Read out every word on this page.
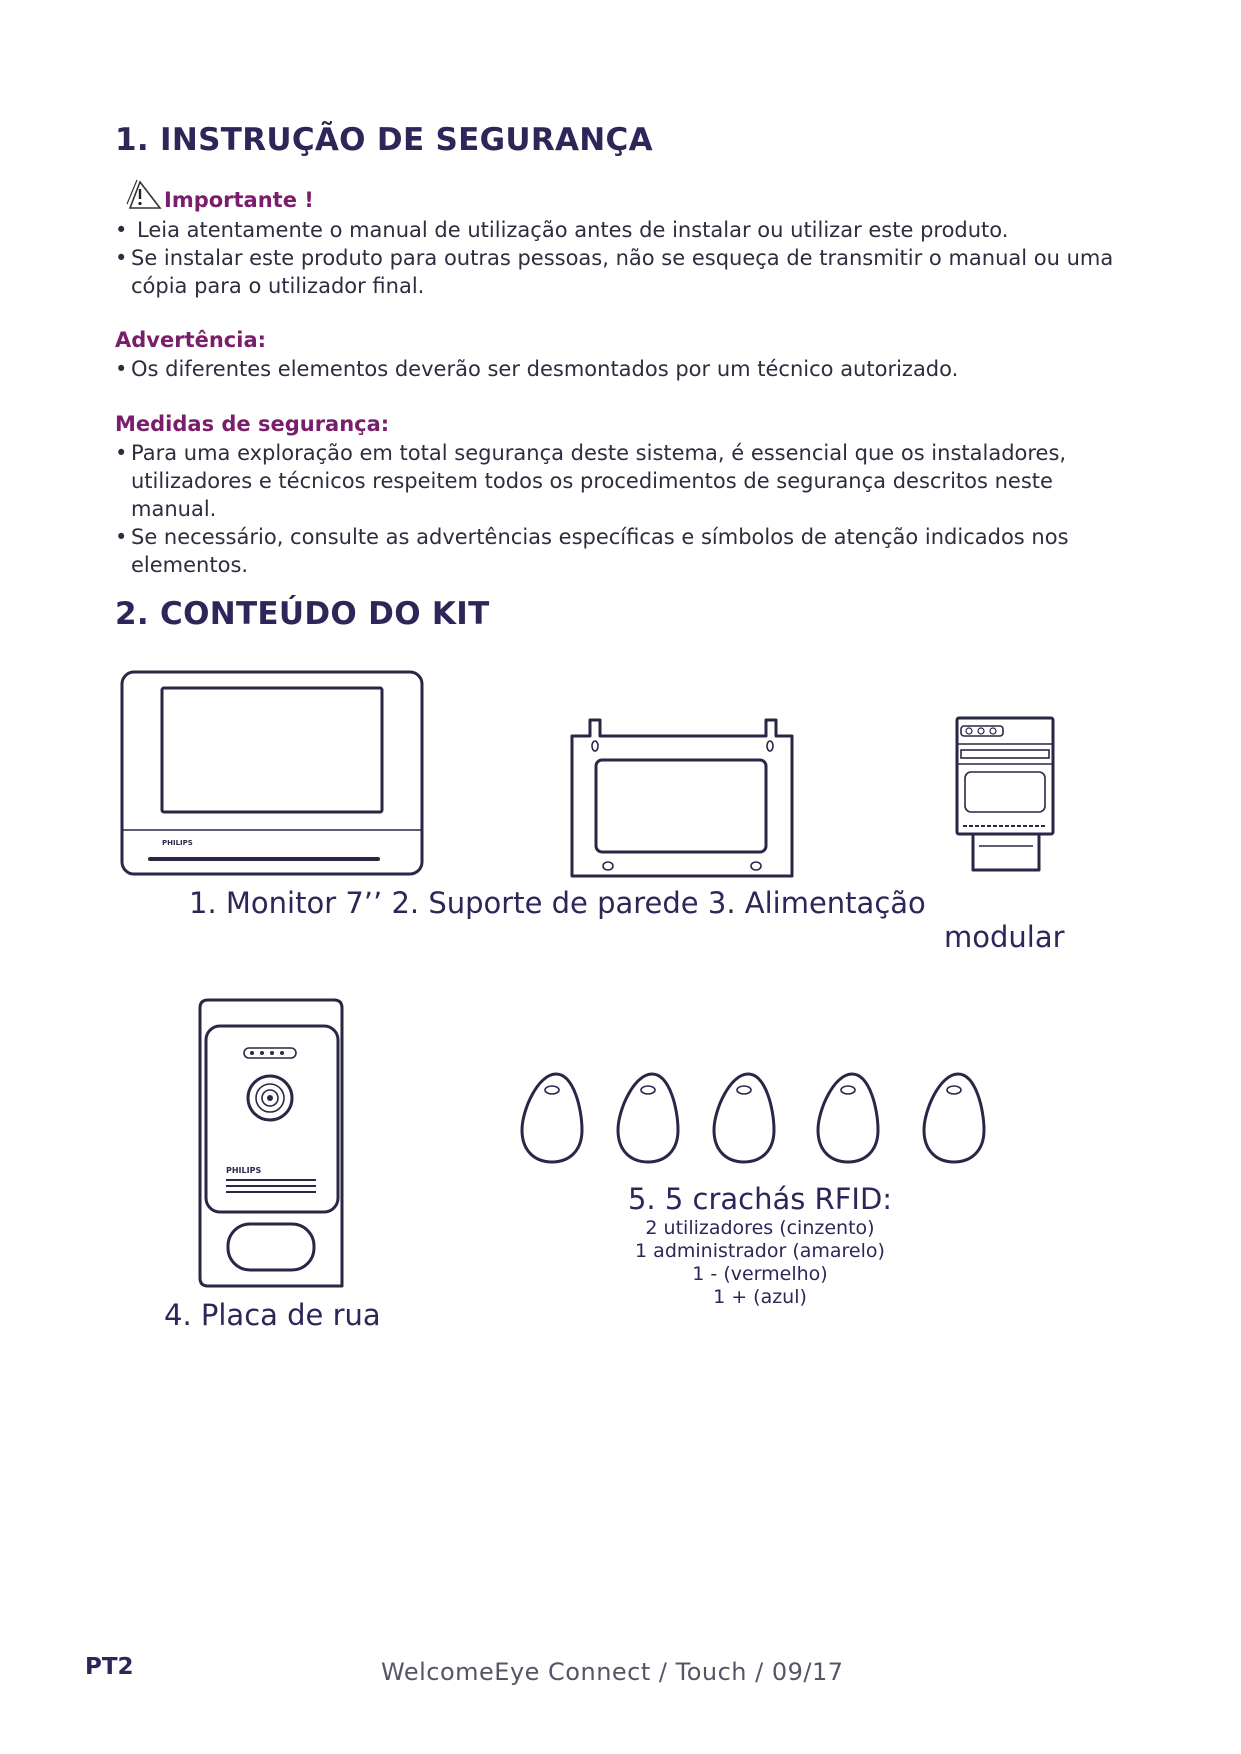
1. INSTRUÇÃO DE SEGURANÇA
Importante !
• Leia atentamente o manual de utilização antes de instalar ou utilizar este produto.
• Se instalar este produto para outras pessoas, não se esqueça de transmitir o manual ou uma cópia para o utilizador final.
Advertência:
• Os diferentes elementos deverão ser desmontados por um técnico autorizado.
Medidas de segurança:
• Para uma exploração em total segurança deste sistema, é essencial que os instaladores, utilizadores e técnicos respeitem todos os procedimentos de segurança descritos neste manual.
• Se necessário, consulte as advertências específicas e símbolos de atenção indicados nos elementos.
2. CONTEÚDO DO KIT
PHILIPS
1. Monitor 7’’ 2. Suporte de parede 3. Alimentação
modular
PHILIPS
4. Placa de rua
5. 5 crachás RFID:
2 utilizadores (cinzento)
1 administrador (amarelo)
1 - (vermelho)
1 + (azul)
PT2	WelcomeEye Connect / Touch / 09/17
